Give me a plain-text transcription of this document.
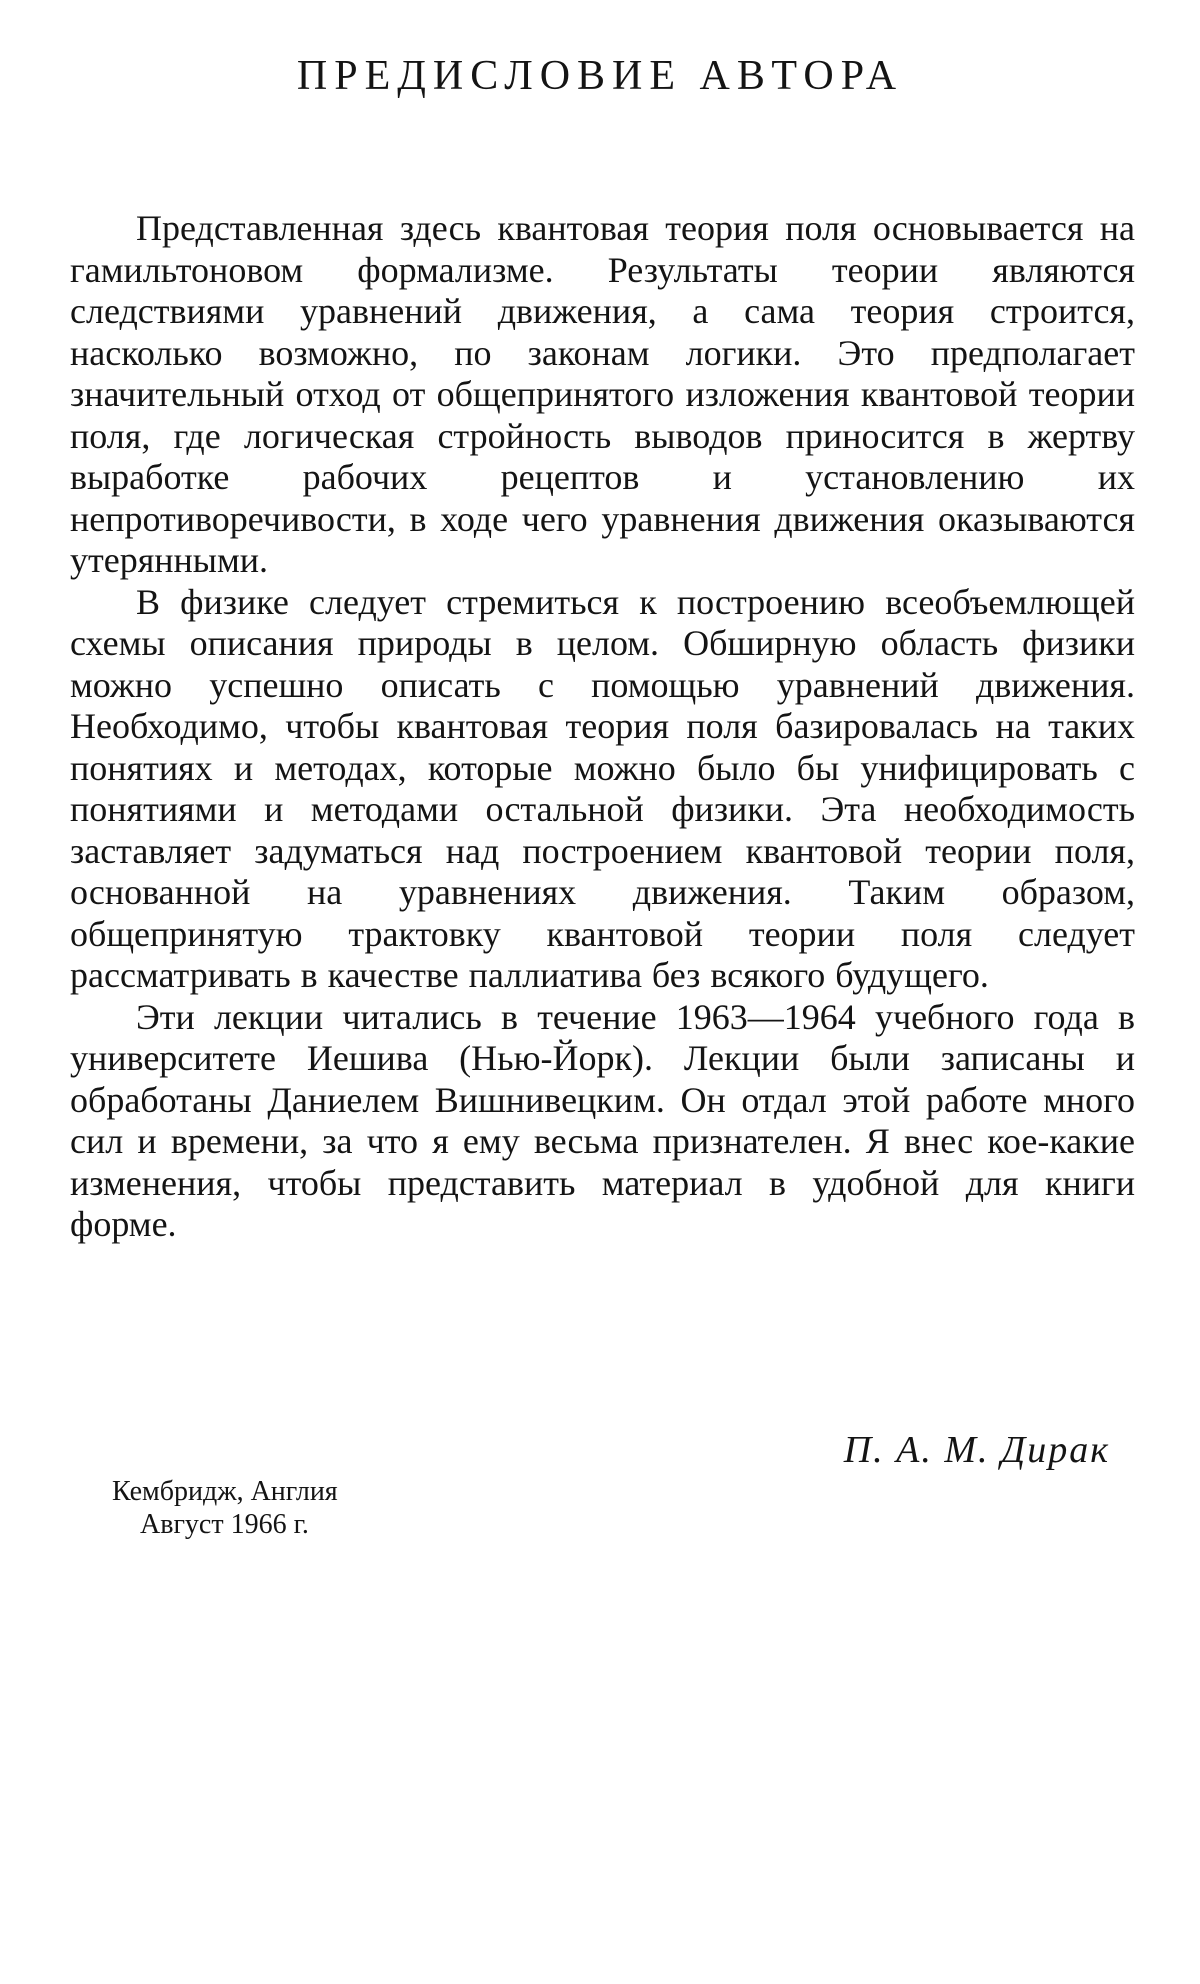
ПРЕДИСЛОВИЕ АВТОРА

Представленная здесь квантовая теория поля основывается на гамильтоновом формализме. Результаты теории являются следствиями уравнений движения, а сама теория строится, насколько возможно, по законам логики. Это предполагает значительный отход от общепринятого изложения квантовой теории поля, где логическая стройность выводов приносится в жертву выработке рабочих рецептов и установлению их непротиворечивости, в ходе чего уравнения движения оказываются утерянными.

В физике следует стремиться к построению всеобъемлющей схемы описания природы в целом. Обширную область физики можно успешно описать с помощью уравнений движения. Необходимо, чтобы квантовая теория поля базировалась на таких понятиях и методах, которые можно было бы унифицировать с понятиями и методами остальной физики. Эта необходимость заставляет задуматься над построением квантовой теории поля, основанной на уравнениях движения. Таким образом, общепринятую трактовку квантовой теории поля следует рассматривать в качестве паллиатива без всякого будущего.

Эти лекции читались в течение 1963—1964 учебного года в университете Иешива (Нью-Йорк). Лекции были записаны и обработаны Даниелем Вишнивецким. Он отдал этой работе много сил и времени, за что я ему весьма признателен. Я внес кое-какие изменения, чтобы представить материал в удобной для книги форме.

П. А. М. Дирак
Кембридж, Англия
Август 1966 г.
